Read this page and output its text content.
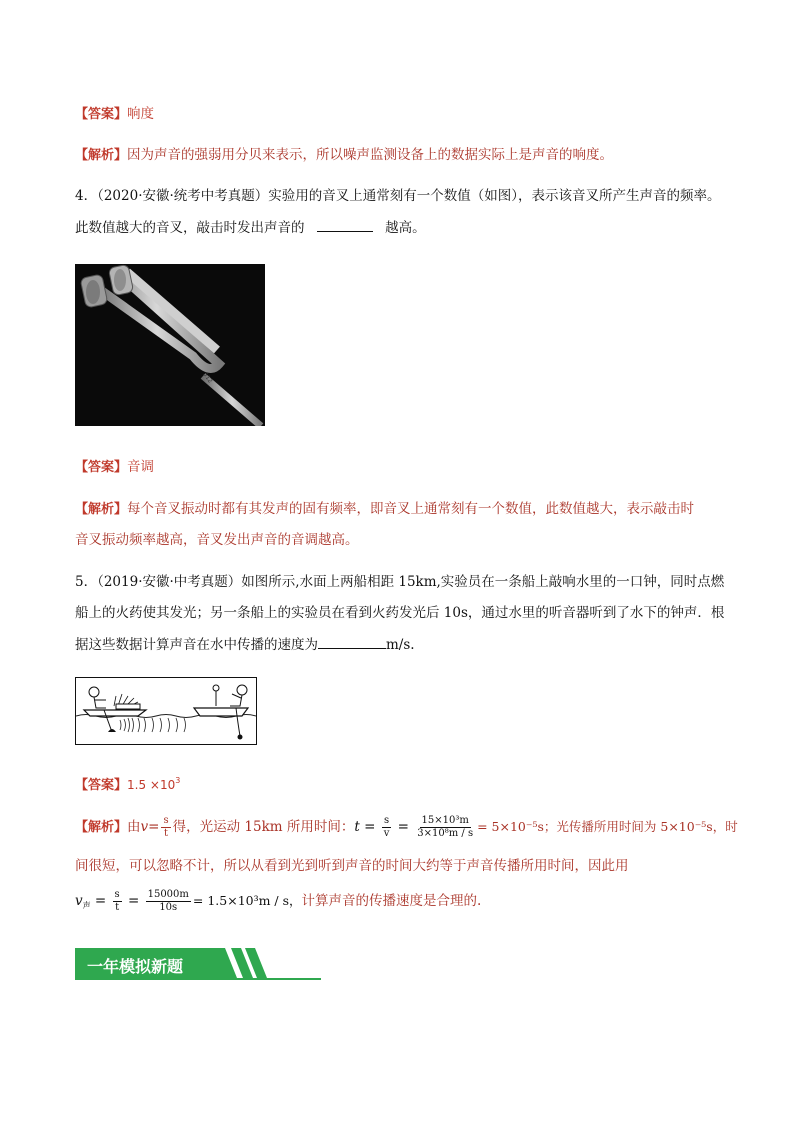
【答案】响度
【解析】因为声音的强弱用分贝来表示，所以噪声监测设备上的数据实际上是声音的响度。
4．（2020·安徽·统考中考真题）实验用的音叉上通常刻有一个数值（如图），表示该音叉所产生声音的频率。
此数值越大的音叉，敲击时发出声音的	越高。
512
【答案】音调
【解析】每个音叉振动时都有其发声的固有频率，即音叉上通常刻有一个数值，此数值越大，表示敲击时
音叉振动频率越高，音叉发出声音的音调越高。
5．（2019·安徽·中考真题）如图所示,水面上两船相距 15km,实验员在一条船上敲响水里的一口钟，同时点燃
船上的火药使其发光；另一条船上的实验员在看到火药发光后 10s，通过水里的听音器听到了水下的钟声．根
据这些数据计算声音在水中传播的速度为	m/s.
【答案】$1.5 \times 10^3$
【解析】由$v= \frac{s}{t}$ 得，光运动 15km 所用时间：$t = \frac{s}{v} = \frac{\text{15×10³m}}{\text{3×10⁸m / s}} = 5\times 10^{-5}s$；光传播所用时间为 5×10⁻⁵s，时
间很短，可以忽略不计，所以从看到光到听到声音的时间大约等于声音传播所用时间，因此用
$v_声 = \frac{s}{t} = \frac{15000m}{10s} = 1.5\times 10^3m / s$，计算声音的传播速度是合理的.
一年模拟新题
